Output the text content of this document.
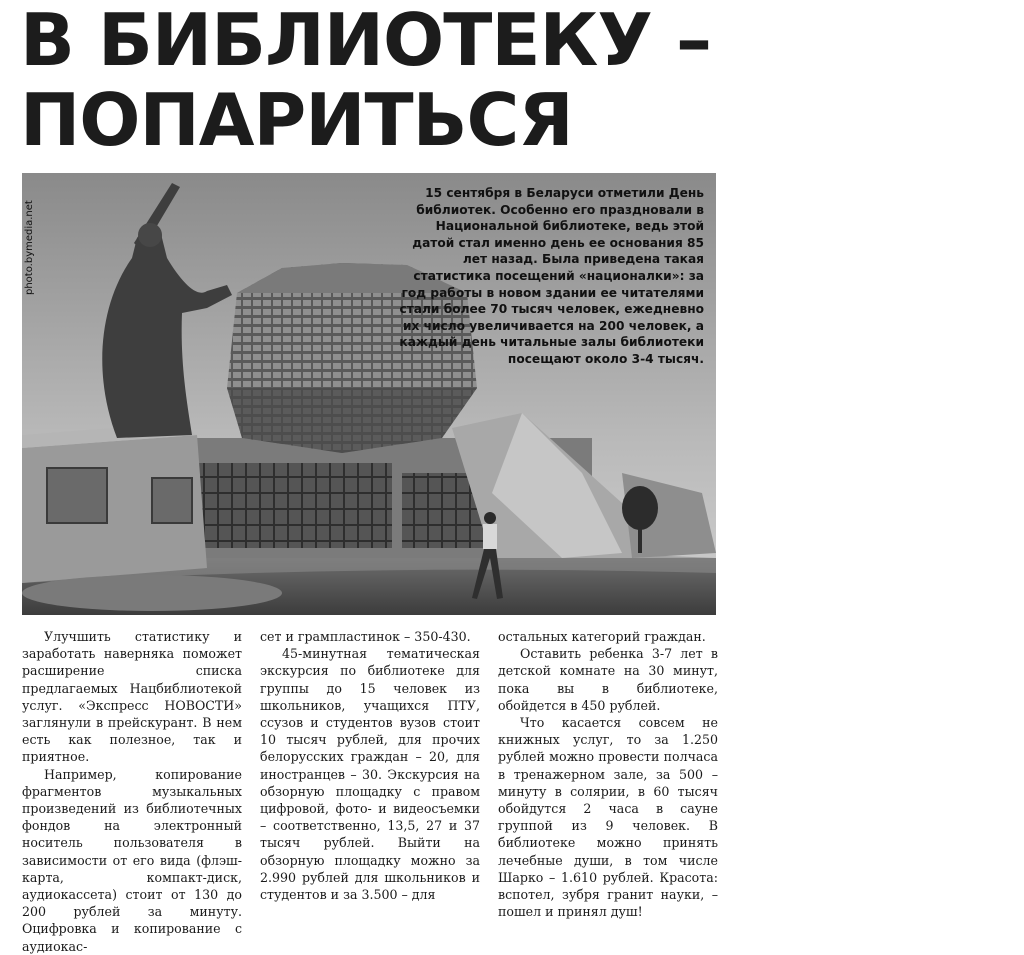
В БИБЛИОТЕКУ –
ПОПАРИТЬСЯ
photo.bymedia.net

15 сентября в Беларуси отметили День библиотек. Особенно его праздновали в Национальной библиотеке, ведь этой датой стал именно день ее основания 85 лет назад. Была приведена такая статистика посещений «националки»: за год работы в новом здании ее читателями стали более 70 тысяч человек, ежедневно их число увеличивается на 200 человек, а каждый день читальные залы библиотеки посещают около 3-4 тысяч.

Улучшить статистику и заработать наверняка поможет расширение списка предлагаемых Нацбиблиотекой услуг. «Экспресс НОВОСТИ» заглянули в прейскурант. В нем есть как полезное, так и приятное.

Например, копирование фрагментов музыкальных произведений из библиотечных фондов на электронный носитель пользователя в зависимости от его вида (флэш-карта, компакт-диск, аудиокассета) стоит от 130 до 200 рублей за минуту. Оцифровка и копирование с аудиокас-

сет и грампластинок – 350-430.

45-минутная тематическая экскурсия по библиотеке для группы до 15 человек из школьников, учащихся ПТУ, ссузов и студентов вузов стоит 10 тысяч рублей, для прочих белорусских граждан – 20, для иностранцев – 30. Экскурсия на обзорную площадку с правом цифровой, фото- и видеосъемки – соответственно, 13,5, 27 и 37 тысяч рублей. Выйти на обзорную площадку можно за 2.990 рублей для школьников и студентов и за 3.500 – для

остальных категорий граждан.

Оставить ребенка 3-7 лет в детской комнате на 30 минут, пока вы в библиотеке, обойдется в 450 рублей.

Что касается совсем не книжных услуг, то за 1.250 рублей можно провести полчаса в тренажерном зале, за 500 – минуту в солярии, в 60 тысяч обойдутся 2 часа в сауне группой из 9 человек. В библиотеке можно принять лечебные души, в том числе Шарко – 1.610 рублей. Красота: вспотел, зубря гранит науки, – пошел и принял душ!
